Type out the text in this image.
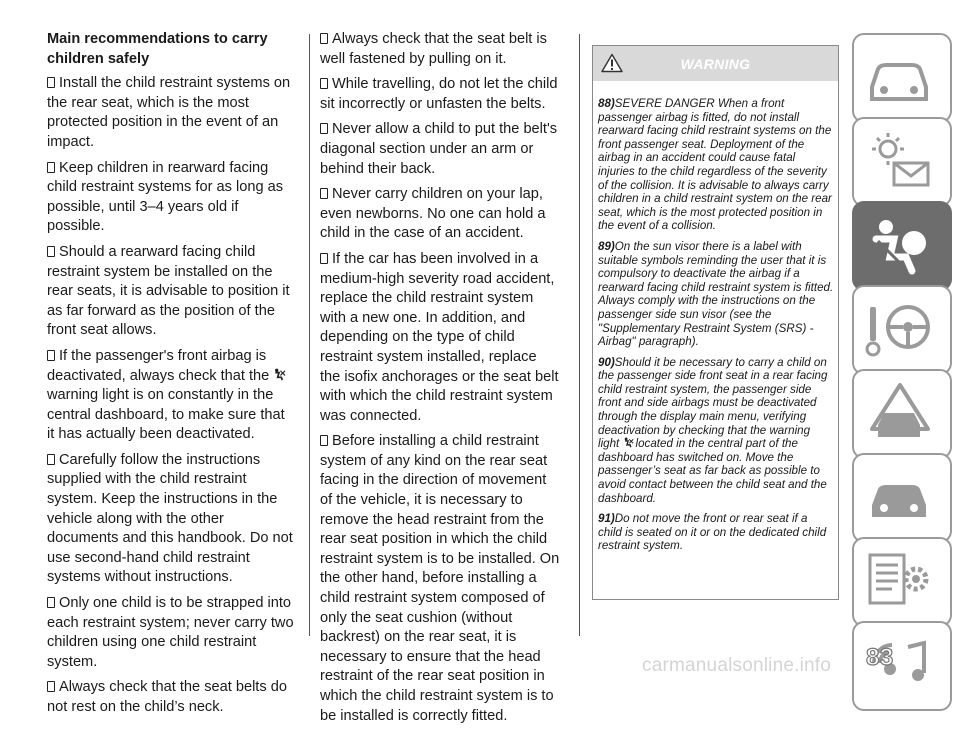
Main recommendations to carry children safely

Install the child restraint systems on the rear seat, which is the most protected position in the event of an impact.

Keep children in rearward facing child restraint systems for as long as possible, until 3–4 years old if possible.

Should a rearward facing child restraint system be installed on the rear seats, it is advisable to position it as far forward as the position of the front seat allows.

If the passenger's front airbag is deactivated, always check that the warning light is on constantly in the central dashboard, to make sure that it has actually been deactivated.

Carefully follow the instructions supplied with the child restraint system. Keep the instructions in the vehicle along with the other documents and this handbook. Do not use second-hand child restraint systems without instructions.

Only one child is to be strapped into each restraint system; never carry two children using one child restraint system.

Always check that the seat belts do not rest on the child’s neck.

Always check that the seat belt is well fastened by pulling on it.

While travelling, do not let the child sit incorrectly or unfasten the belts.

Never allow a child to put the belt's diagonal section under an arm or behind their back.

Never carry children on your lap, even newborns. No one can hold a child in the case of an accident.

If the car has been involved in a medium-high severity road accident, replace the child restraint system with a new one. In addition, and depending on the type of child restraint system installed, replace the isofix anchorages or the seat belt with which the child restraint system was connected.

Before installing a child restraint system of any kind on the rear seat facing in the direction of movement of the vehicle, it is necessary to remove the head restraint from the rear seat position in which the child restraint system is to be installed. On the other hand, before installing a child restraint system composed of only the seat cushion (without backrest) on the rear seat, it is necessary to ensure that the head restraint of the rear seat position in which the child restraint system is to be installed is correctly fitted.

WARNING

88)SEVERE DANGER When a front passenger airbag is fitted, do not install rearward facing child restraint systems on the front passenger seat. Deployment of the airbag in an accident could cause fatal injuries to the child regardless of the severity of the collision. It is advisable to always carry children in a child restraint system on the rear seat, which is the most protected position in the event of a collision.

89)On the sun visor there is a label with suitable symbols reminding the user that it is compulsory to deactivate the airbag if a rearward facing child restraint system is fitted. Always comply with the instructions on the passenger side sun visor (see the "Supplementary Restraint System (SRS) - Airbag" paragraph).

90)Should it be necessary to carry a child on the passenger side front seat in a rear facing child restraint system, the passenger side front and side airbags must be deactivated through the display main menu, verifying deactivation by checking that the warning light located in the central part of the dashboard has switched on. Move the passenger’s seat as far back as possible to avoid contact between the child seat and the dashboard.

91)Do not move the front or rear seat if a child is seated on it or on the dedicated child restraint system.

83
carmanualsonline.info
